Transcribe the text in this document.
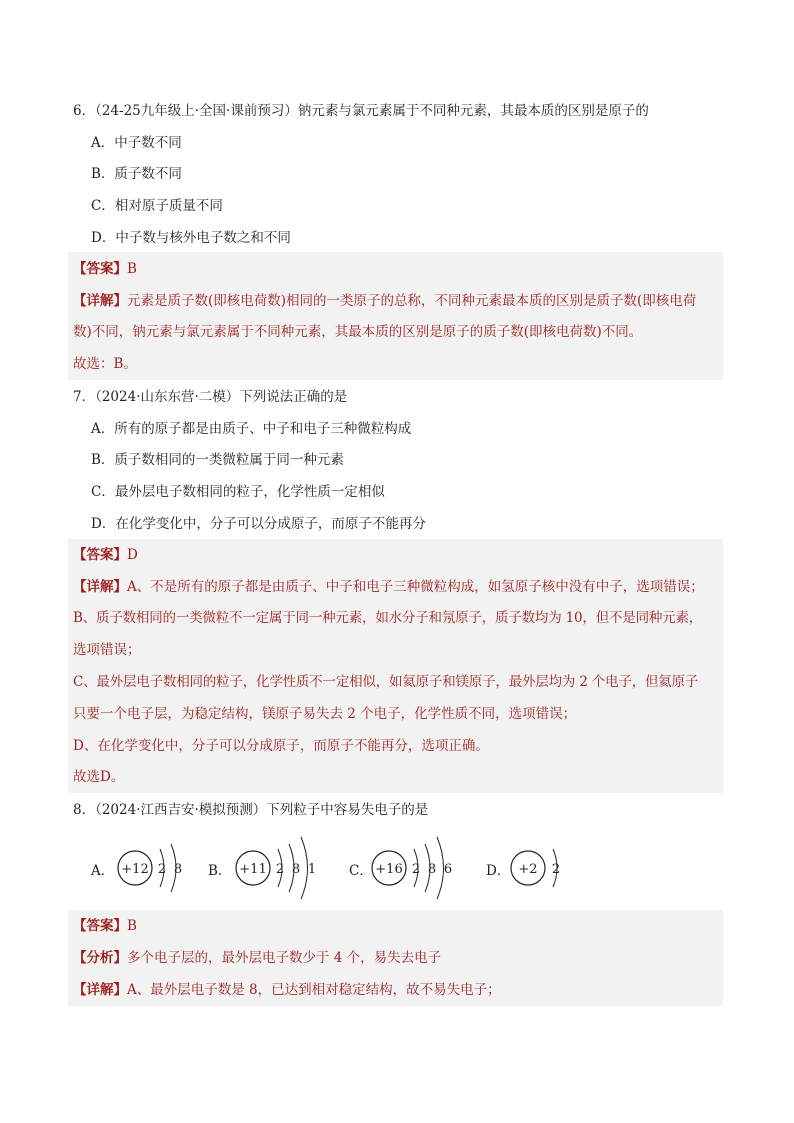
6．（24-25九年级上·全国·课前预习）钠元素与氯元素属于不同种元素，其最本质的区别是原子的
A．中子数不同
B．质子数不同
C．相对原子质量不同
D．中子数与核外电子数之和不同
【 答案 】 B
【 详解 】 元素是质子数(即核电荷数)相同的一类原子的总称，不同种元素最本质的区别是质子数(即核电荷
数)不同，钠元素与氯元素属于不同种元素，其最本质的区别是原子的质子数(即核电荷数)不同。
故选：B。
7．（2024·山东东营·二模）下列说法正确的是
A．所有的原子都是由质子、中子和电子三种微粒构成
B．质子数相同的一类微粒属于同一种元素
C．最外层电子数相同的粒子，化学性质一定相似
D．在化学变化中，分子可以分成原子，而原子不能再分
【 答案 】 D
【 详解 】 A、不是所有的原子都是由质子、中子和电子三种微粒构成，如氢原子核中没有中子，选项错误；
B、质子数相同的一类微粒不一定属于同一种元素，如水分子和氖原子，质子数均为 10，但不是同种元素，
选项错误；
C、最外层电子数相同的粒子，化学性质不一定相似，如氦原子和镁原子，最外层均为 2 个电子，但氦原子
只要一个电子层，为稳定结构，镁原子易失去 2 个电子，化学性质不同，选项错误；
D、在化学变化中，分子可以分成原子，而原子不能再分，选项正确。
故选D。
8．（2024·江西吉安·模拟预测）下列粒子中容易失电子的是
A． +12 2 8 B． +11 2 8 1 C． +16 2 8 6	D． +2 2
【 答案 】 B
【 分析 】 多个电子层的，最外层电子数少于 4 个，易失去电子
【 详解 】 A、最外层电子数是 8，已达到相对稳定结构，故不易失电子；
